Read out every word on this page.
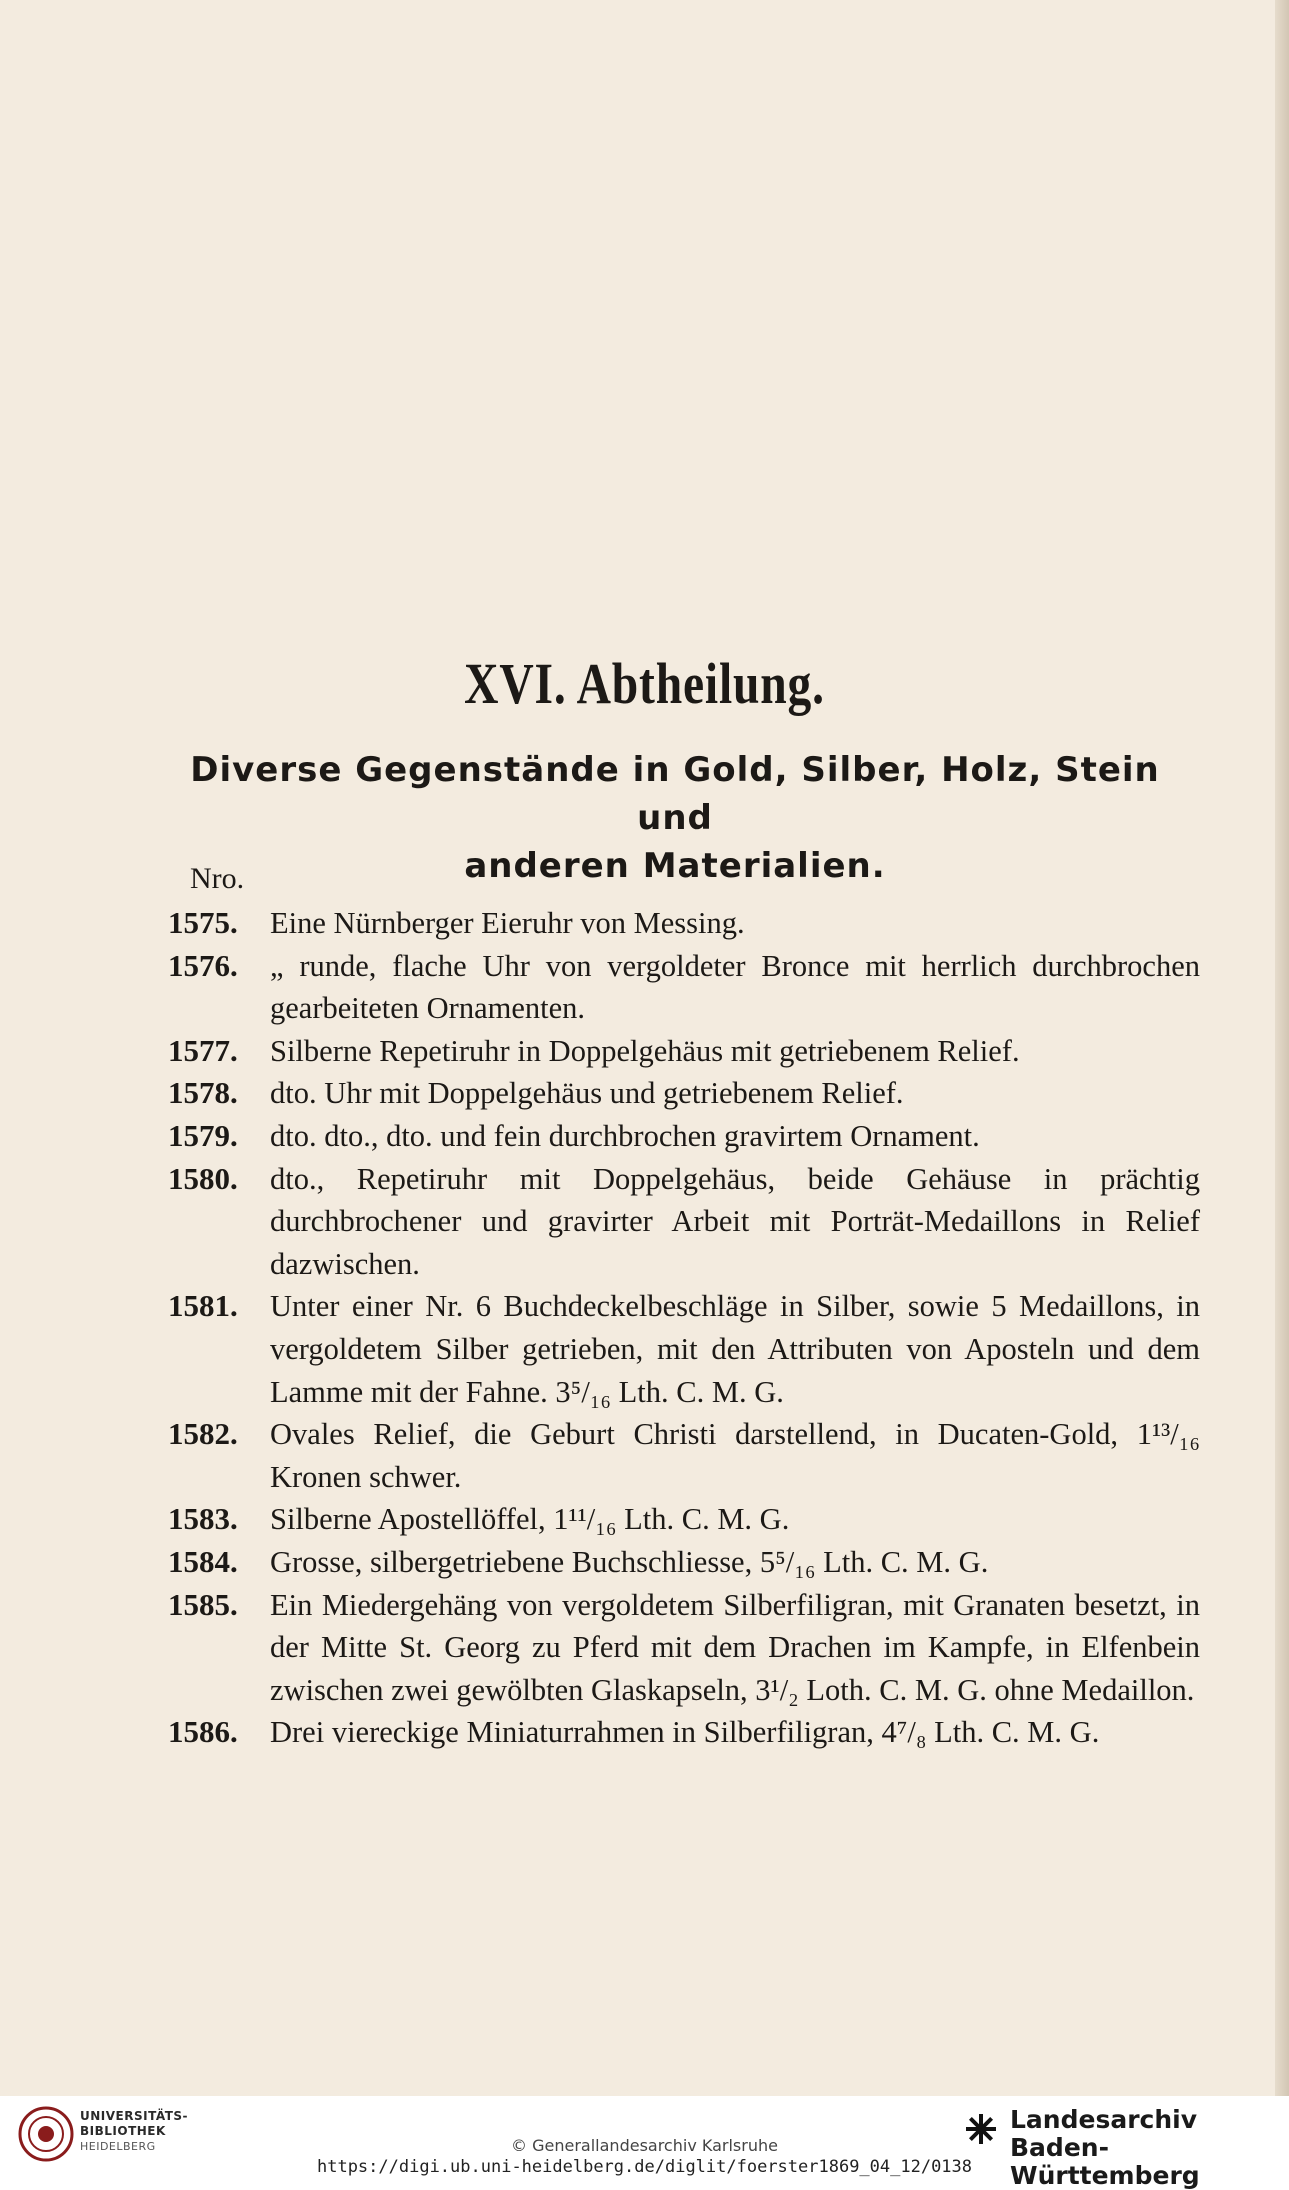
XVI. Abtheilung.
Diverse Gegenstände in Gold, Silber, Holz, Stein und
anderen Materialien.
Nro.
1575.	Eine Nürnberger Eieruhr von Messing.
1576.	„ runde, flache Uhr von vergoldeter Bronce mit herrlich durchbrochen gearbeiteten Ornamenten.
1577.	Silberne Repetiruhr in Doppelgehäus mit getriebenem Relief.
1578.	dto. Uhr mit Doppelgehäus und getriebenem Relief.
1579.	dto. dto., dto. und fein durchbrochen gravirtem Ornament.
1580.	dto., Repetiruhr mit Doppelgehäus, beide Gehäuse in prächtig durchbrochener und gravirter Arbeit mit Porträt-Medaillons in Relief dazwischen.
1581.	Unter einer Nr. 6 Buchdeckelbeschläge in Silber, sowie 5 Medaillons, in vergoldetem Silber getrieben, mit den Attributen von Aposteln und dem Lamme mit der Fahne. 3⁵/₁₆ Lth. C. M. G.
1582.	Ovales Relief, die Geburt Christi darstellend, in Ducaten-Gold, 1¹³/₁₆ Kronen schwer.
1583.	Silberne Apostellöffel, 1¹¹/₁₆ Lth. C. M. G.
1584.	Grosse, silbergetriebene Buchschliesse, 5⁵/₁₆ Lth. C. M. G.
1585.	Ein Miedergehäng von vergoldetem Silberfiligran, mit Granaten besetzt, in der Mitte St. Georg zu Pferd mit dem Drachen im Kampfe, in Elfenbein zwischen zwei gewölbten Glaskapseln, 3¹/₂ Loth. C. M. G. ohne Medaillon.
1586.	Drei viereckige Miniaturrahmen in Silberfiligran, 4⁷/₈ Lth. C. M. G.
UNIVERSITÄTS-
BIBLIOTHEK
HEIDELBERG	© Generallandesarchiv Karlsruhe
https://digi.ub.uni-heidelberg.de/diglit/foerster1869_04_12/0138
Landesarchiv
Baden-Württemberg
